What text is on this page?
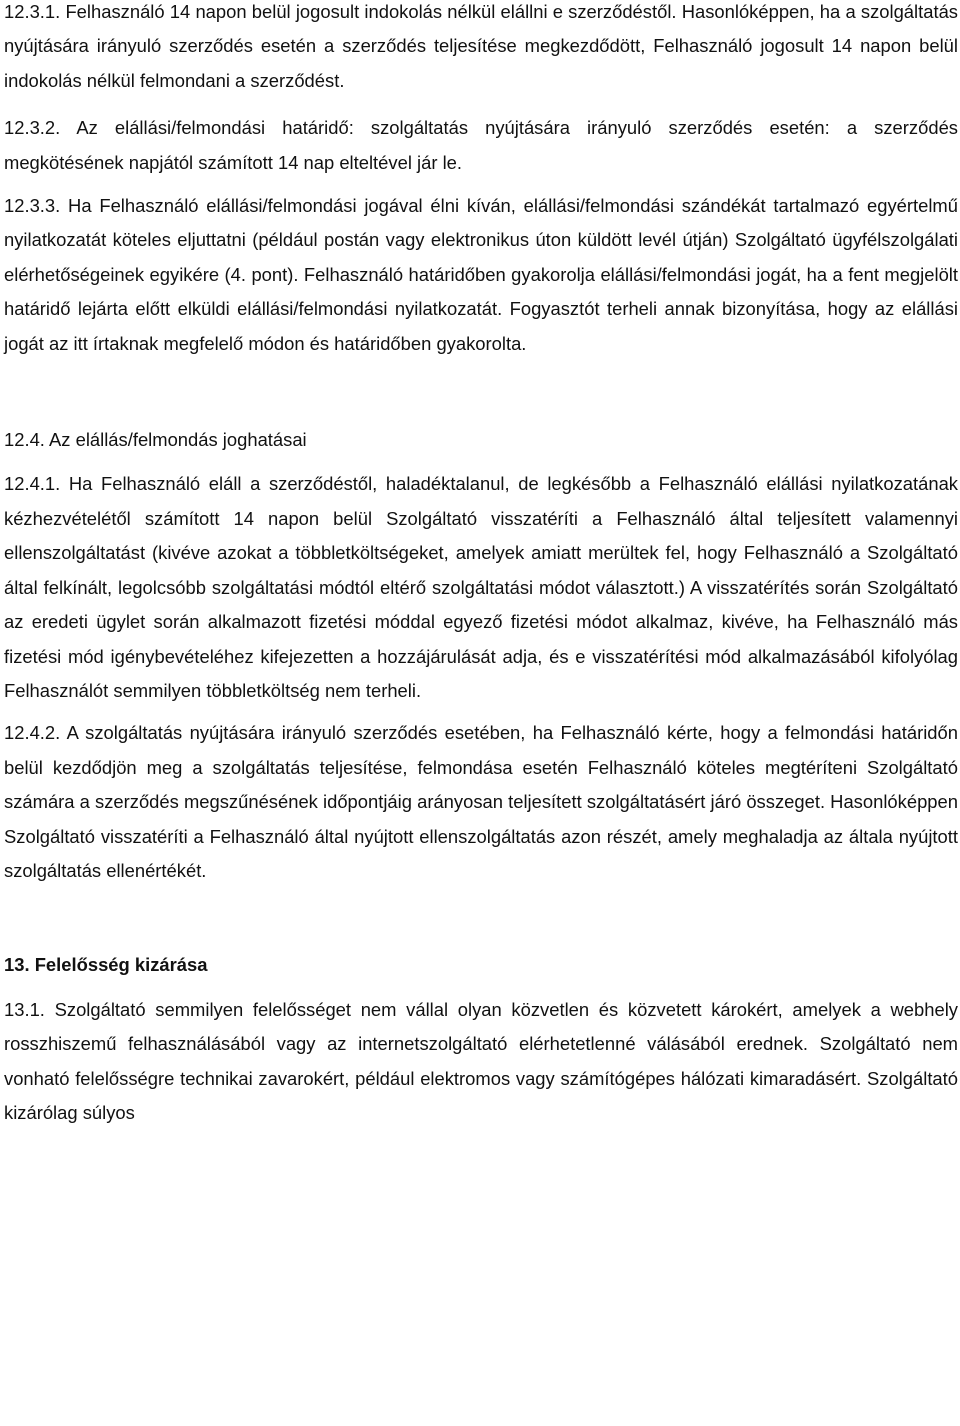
12.3.1. Felhasználó 14 napon belül jogosult indokolás nélkül elállni e szerződéstől. Hasonlóképpen, ha a szolgáltatás nyújtására irányuló szerződés esetén a szerződés teljesítése megkezdődött, Felhasználó jogosult 14 napon belül indokolás nélkül felmondani a szerződést.

12.3.2. Az elállási/felmondási határidő: szolgáltatás nyújtására irányuló szerződés esetén: a szerződés megkötésének napjától számított 14 nap elteltével jár le.

12.3.3. Ha Felhasználó elállási/felmondási jogával élni kíván, elállási/felmondási szándékát tartalmazó egyértelmű nyilatkozatát köteles eljuttatni (például postán vagy elektronikus úton küldött levél útján) Szolgáltató ügyfélszolgálati elérhetőségeinek egyikére (4. pont). Felhasználó határidőben gyakorolja elállási/felmondási jogát, ha a fent megjelölt határidő lejárta előtt elküldi elállási/felmondási nyilatkozatát. Fogyasztót terheli annak bizonyítása, hogy az elállási jogát az itt írtaknak megfelelő módon és határidőben gyakorolta.

12.4. Az elállás/felmondás joghatásai

12.4.1. Ha Felhasználó eláll a szerződéstől, haladéktalanul, de legkésőbb a Felhasználó elállási nyilatkozatának kézhezvételétől számított 14 napon belül Szolgáltató visszatéríti a Felhasználó által teljesített valamennyi ellenszolgáltatást (kivéve azokat a többletköltségeket, amelyek amiatt merültek fel, hogy Felhasználó a Szolgáltató által felkínált, legolcsóbb szolgáltatási módtól eltérő szolgáltatási módot választott.) A visszatérítés során Szolgáltató az eredeti ügylet során alkalmazott fizetési móddal egyező fizetési módot alkalmaz, kivéve, ha Felhasználó más fizetési mód igénybevételéhez kifejezetten a hozzájárulását adja, és e visszatérítési mód alkalmazásából kifolyólag Felhasználót semmilyen többletköltség nem terheli.

12.4.2. A szolgáltatás nyújtására irányuló szerződés esetében, ha Felhasználó kérte, hogy a felmondási határidőn belül kezdődjön meg a szolgáltatás teljesítése, felmondása esetén Felhasználó köteles megtéríteni Szolgáltató számára a szerződés megszűnésének időpontjáig arányosan teljesített szolgáltatásért járó összeget. Hasonlóképpen Szolgáltató visszatéríti a Felhasználó által nyújtott ellenszolgáltatás azon részét, amely meghaladja az általa nyújtott szolgáltatás ellenértékét.

13. Felelősség kizárása

13.1. Szolgáltató semmilyen felelősséget nem vállal olyan közvetlen és közvetett károkért, amelyek a webhely rosszhiszemű felhasználásából vagy az internetszolgáltató elérhetetlenné válásából erednek. Szolgáltató nem vonható felelősségre technikai zavarokért, például elektromos vagy számítógépes hálózati kimaradásért. Szolgáltató kizárólag súlyos
